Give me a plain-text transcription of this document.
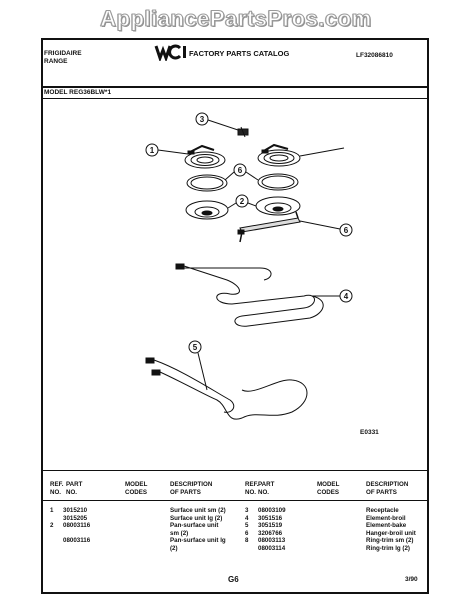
AppliancePartsPros.com
FRIGIDAIRE
RANGE
FACTORY PARTS CATALOG	LF32086810
MODEL REG36BLW*1
3
1
6
2
6
4
5
E0331
REF.
NO.
PART
NO.
MODEL
CODES
DESCRIPTION
OF PARTS
REF.
NO.
PART
NO.
MODEL
CODES
DESCRIPTION
OF PARTS
1

2

3015210
3015205
08003116

08003116

Surface unit sm (2)
Surface unit lg (2)
Pan-surface unit
sm (2)
Pan-surface unit lg
(2)
3
4
5
6
8

08003109
3051516
3051519
3206766
08003113
08003114
Receptacle
Element-broil
Element-bake
Hanger-broil unit
Ring-trim sm (2)
Ring-trim lg (2)
G6	3/90
